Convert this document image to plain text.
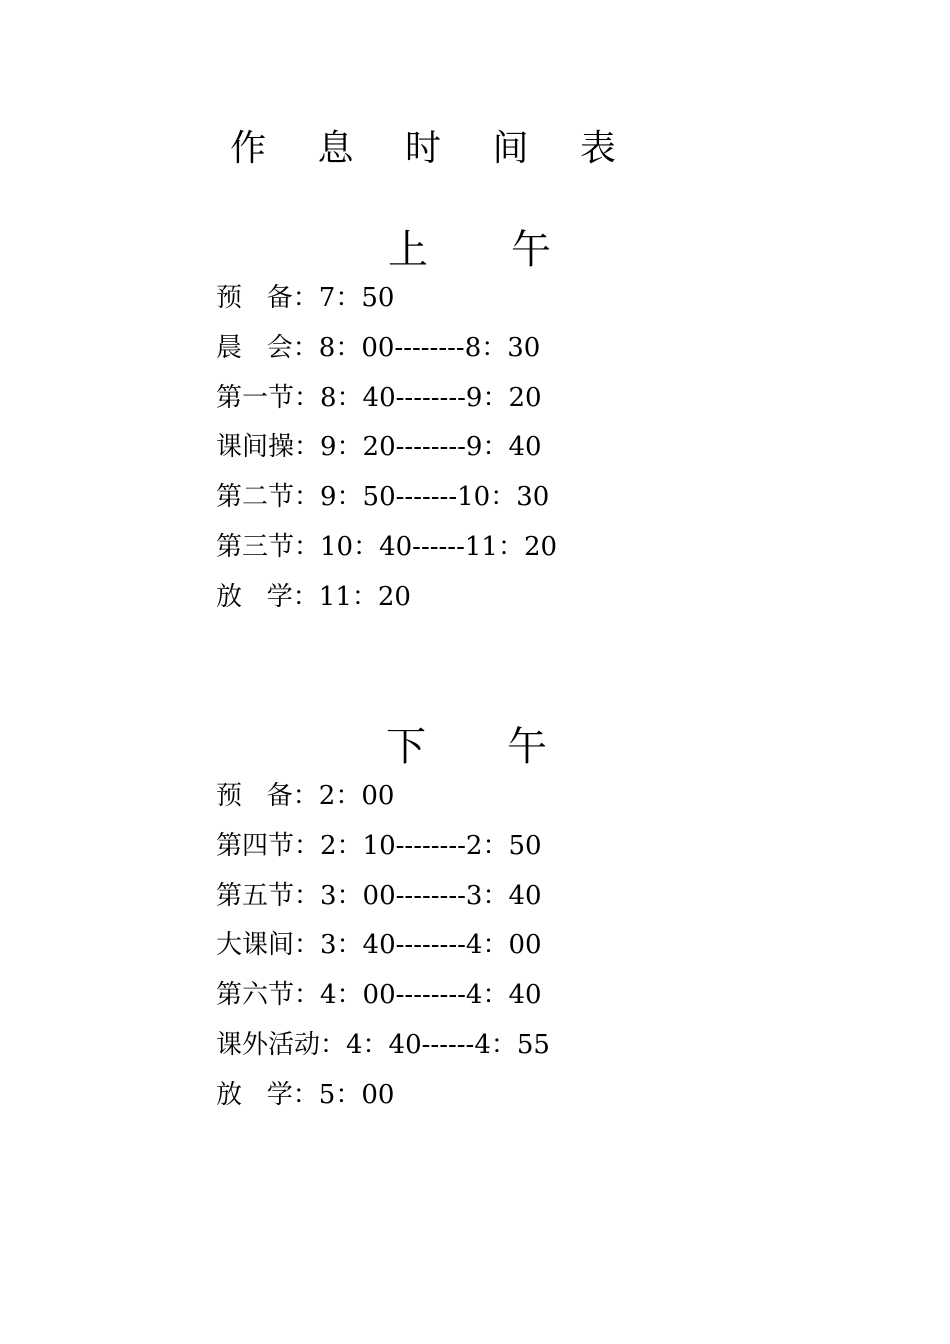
作 息 时 间 表
上 午
预   备：7：50
晨   会：8：00--------8：30
第一节：8：40--------9：20
课间操：9：20--------9：40
第二节：9：50-------10：30
第三节：10：40------11：20
放   学：11：20
下 午
预   备：2：00
第四节：2：10--------2：50
第五节：3：00--------3：40
大课间：3：40--------4：00
第六节：4：00--------4：40
课外活动：4：40------4：55
放   学：5：00
